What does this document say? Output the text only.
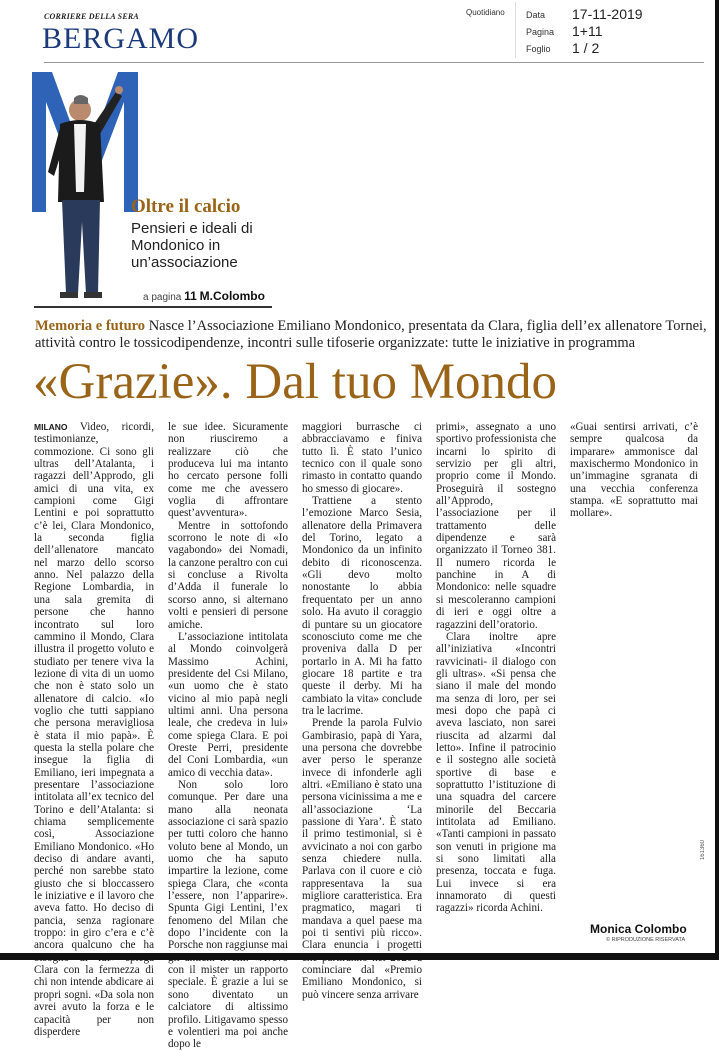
CORRIERE DELLA SERA
BERGAMO
Quotidiano Data 17-11-2019
Pagina 1+11
Foglio 1 / 2
Oltre il calcio
Pensieri e ideali di Mondonico in un’associazione
a pagina 11 M.Colombo
Memoria e futuro Nasce l’Associazione Emiliano Mondonico, presentata da Clara, figlia dell’ex allenatore Tornei, attività contro le tossicodipendenze, incontri sulle tifoserie organizzate: tutte le iniziative in programma
«Grazie». Dal tuo Mondo

MILANO Video, ricordi, testimonianze, commozione. Ci sono gli ultras dell’Atalanta, i ragazzi dell’Approdo, gli amici di una vita, ex campioni come Gigi Lentini e poi soprattutto c’è lei, Clara Mondonico, la seconda figlia dell’allenatore mancato nel marzo dello scorso anno. Nel palazzo della Regione Lombardia, in una sala gremita di persone che hanno incontrato sul loro cammino il Mondo, Clara illustra il progetto voluto e studiato per tenere viva la lezione di vita di un uomo che non è stato solo un allenatore di calcio. «Io voglio che tutti sappiano che persona meravigliosa è stata il mio papà». È questa la stella polare che insegue la figlia di Emiliano, ieri impegnata a presentare l’associazione intitolata all’ex tecnico del Torino e dell’Atalanta: si chiama semplicemente così, Associazione Emiliano Mondonico. «Ho deciso di andare avanti, perché non sarebbe stato giusto che si bloccassero le iniziative e il lavoro che aveva fatto. Ho deciso di pancia, senza ragionare troppo: in giro c’era e c’è ancora qualcuno che ha Clara con la fermezza di chi non intende abdicare ai propri sogni. «Da sola non avrei avuto la forza e le capacità per non disperdere

le sue idee. Sicuramente non riusciremo a realizzare ciò che produceva lui ma intanto ho cercato persone folli come me che avessero voglia di affrontare quest’avventura».

Mentre in sottofondo scorrono le note di «Io vagabondo» dei Nomadi, la canzone peraltro con cui si concluse a Rivolta d’Adda il funerale lo scorso anno, si alternano volti e pensieri di persone amiche.

L’associazione intitolata al Mondo coinvolgerà Massimo Achini, presidente del Csi Milano, «un uomo che è stato vicino al mio papà negli ultimi anni. Una persona leale, che credeva in lui» come spiega Clara. E poi Oreste Perri, presidente del Coni Lombardia, «un amico di vecchia data».

Non solo loro comunque. Per dare una mano alla neonata associazione ci sarà spazio per tutti coloro che hanno voluto bene al Mondo, un uomo che ha saputo impartire la lezione, come spiega Clara, che «conta l’essere, non l’apparire». Spunta Gigi Lentini, l’ex fenomeno del Milan che dopo l’incidente con la Porsche non raggiunse mai con il mister un rapporto speciale. È grazie a lui se sono diventato un calciatore di altissimo profilo. Litigavamo spesso e volentieri ma poi anche dopo le

maggiori burrasche ci abbracciavamo e finiva tutto lì. È stato l’unico tecnico con il quale sono rimasto in contatto quando ho smesso di giocare».

Trattiene a stento l’emozione Marco Sesia, allenatore della Primavera del Torino, legato a Mondonico da un infinito debito di riconoscenza. «Gli devo molto nonostante lo abbia frequentato per un anno solo. Ha avuto il coraggio di puntare su un giocatore sconosciuto come me che proveniva dalla D per portarlo in A. Mi ha fatto giocare 18 partite e tra queste il derby. Mi ha cambiato la vita» conclude tra le lacrime.

Prende la parola Fulvio Gambirasio, papà di Yara, una persona che dovrebbe aver perso le speranze invece di infonderle agli altri. «Emiliano è stato una persona vicinissima a me e all’associazione ‘La passione di Yara’. È stato il primo testimonial, si è avvicinato a noi con garbo senza chiedere nulla. Parlava con il cuore e ciò rappresentava la sua migliore caratteristica. Era pragmatico, magari ti mandava a quel paese ma poi ti sentivi più ricco». Clara enuncia i progetti cominciare dal «Premio Emiliano Mondonico, si può vincere senza arrivare

primi», assegnato a uno sportivo professionista che incarni lo spirito di servizio per gli altri, proprio come il Mondo. Proseguirà il sostegno all’Approdo, l’associazione per il trattamento delle dipendenze e sarà organizzato il Torneo 381. Il numero ricorda le panchine in A di Mondonico: nelle squadre si mescoleranno campioni di ieri e oggi oltre a ragazzini dell’oratorio.

Clara inoltre apre all’iniziativa «Incontri ravvicinati- il dialogo con gli ultras». «Si pensa che siano il male del mondo ma senza di loro, per sei mesi dopo che papà ci aveva lasciato, non sarei riuscita ad alzarmi dal letto». Infine il patrocinio e il sostegno alle società sportive di base e soprattutto l’istituzione di una squadra del carcere minorile del Beccaria intitolata ad Emiliano. «Tanti campioni in passato son venuti in prigione ma si sono limitati alla presenza, toccata e fuga. Lui invece si era innamorato di questi ragazzi» ricorda Achini.

«Guai sentirsi arrivati, c’è sempre qualcosa da imparare» ammonisce dal maxischermo Mondonico in un’immagine sgranata di una vecchia conferenza stampa. «E soprattutto mai mollare».

161360
Monica Colombo
© RIPRODUZIONE RISERVATA
